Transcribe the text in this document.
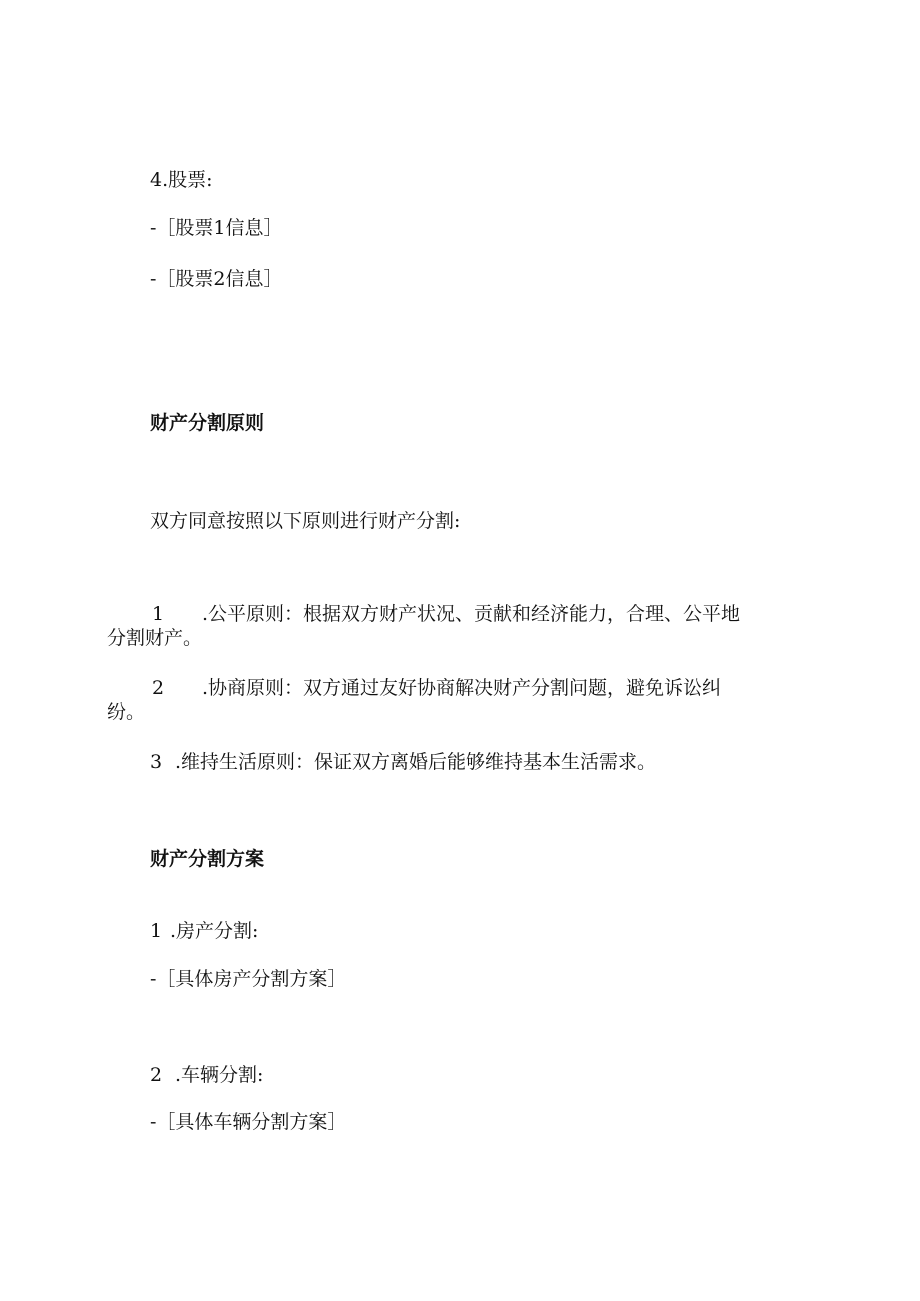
4.股票:

-［股票1信息］

-［股票2信息］

财产分割原则

双方同意按照以下原则进行财产分割:

1 .公平原则：根据双方财产状况、贡献和经济能力，合理、公平地
分割财产。
2 .协商原则：双方通过友好协商解决财产分割问题，避免诉讼纠
纷。

3 .维持生活原则：保证双方离婚后能够维持基本生活需求。

财产分割方案

1 .房产分割:

-［具体房产分割方案］

2 .车辆分割:

-［具体车辆分割方案］
